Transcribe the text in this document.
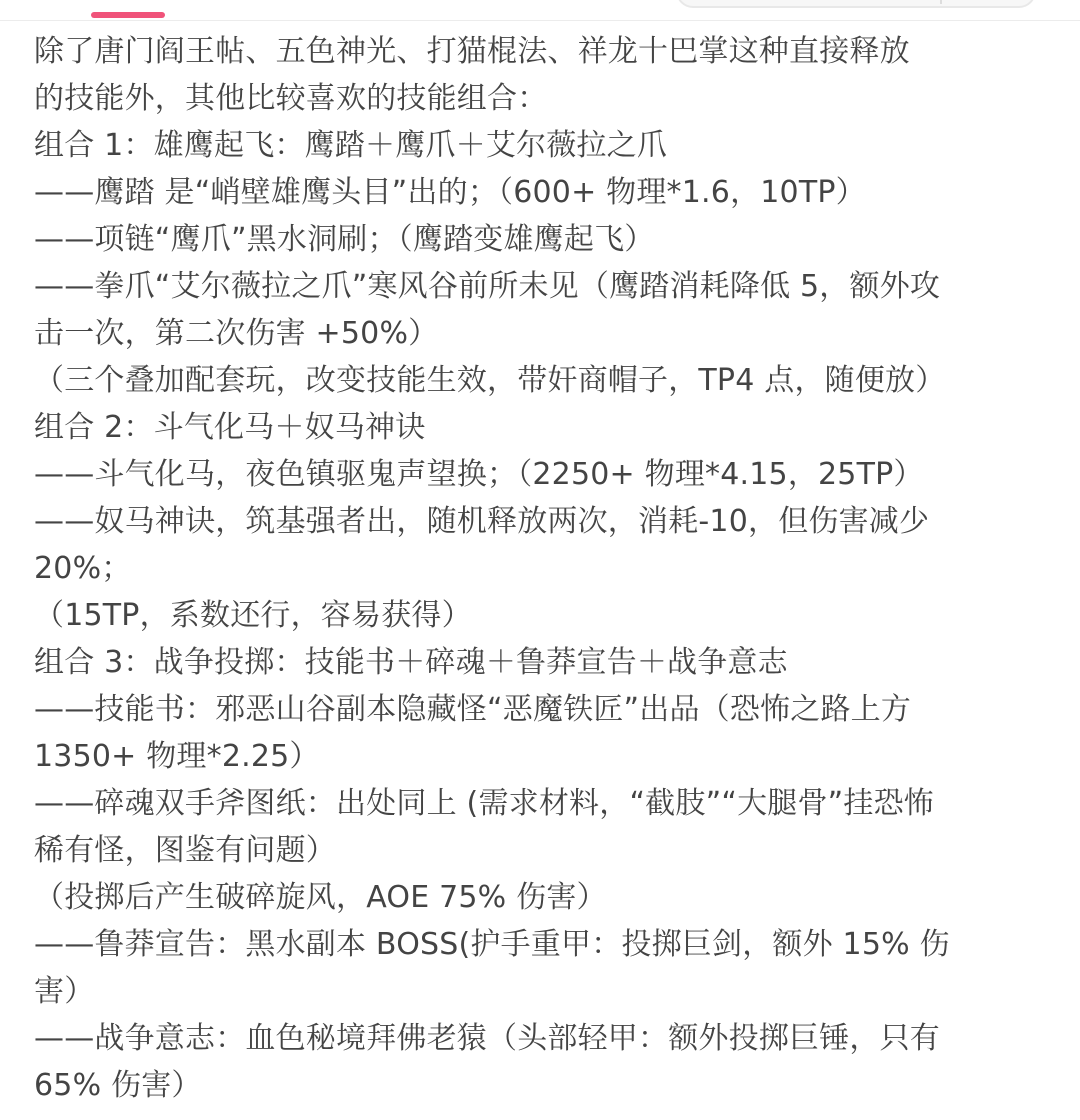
除了唐门阎王帖、五色神光、打猫棍法、祥龙十巴掌这种直接释放
的技能外，其他比较喜欢的技能组合：
组合 1：雄鹰起飞：鹰踏＋鹰爪＋艾尔薇拉之爪
——鹰踏 是“峭壁雄鹰头目”出的；（600+ 物理*1.6，10TP）
——项链“鹰爪”黑水洞刷；（鹰踏变雄鹰起飞）
——拳爪“艾尔薇拉之爪”寒风谷前所未见（鹰踏消耗降低 5，额外攻
击一次，第二次伤害 +50%）
（三个叠加配套玩，改变技能生效，带奸商帽子，TP4 点，随便放）
组合 2：斗气化马＋奴马神诀
——斗气化马，夜色镇驱鬼声望换；（2250+ 物理*4.15，25TP）
——奴马神诀，筑基强者出，随机释放两次，消耗-10，但伤害减少
20%；
（15TP，系数还行，容易获得）
组合 3：战争投掷：技能书＋碎魂＋鲁莽宣告＋战争意志
——技能书：邪恶山谷副本隐藏怪“恶魔铁匠”出品（恐怖之路上方
1350+ 物理*2.25）
——碎魂双手斧图纸：出处同上 (需求材料，“截肢”“大腿骨”挂恐怖
稀有怪，图鉴有问题）
（投掷后产生破碎旋风，AOE 75% 伤害）
——鲁莽宣告：黑水副本 BOSS(护手重甲：投掷巨剑，额外 15% 伤
害）
——战争意志：血色秘境拜佛老猿（头部轻甲：额外投掷巨锤，只有
65% 伤害）
